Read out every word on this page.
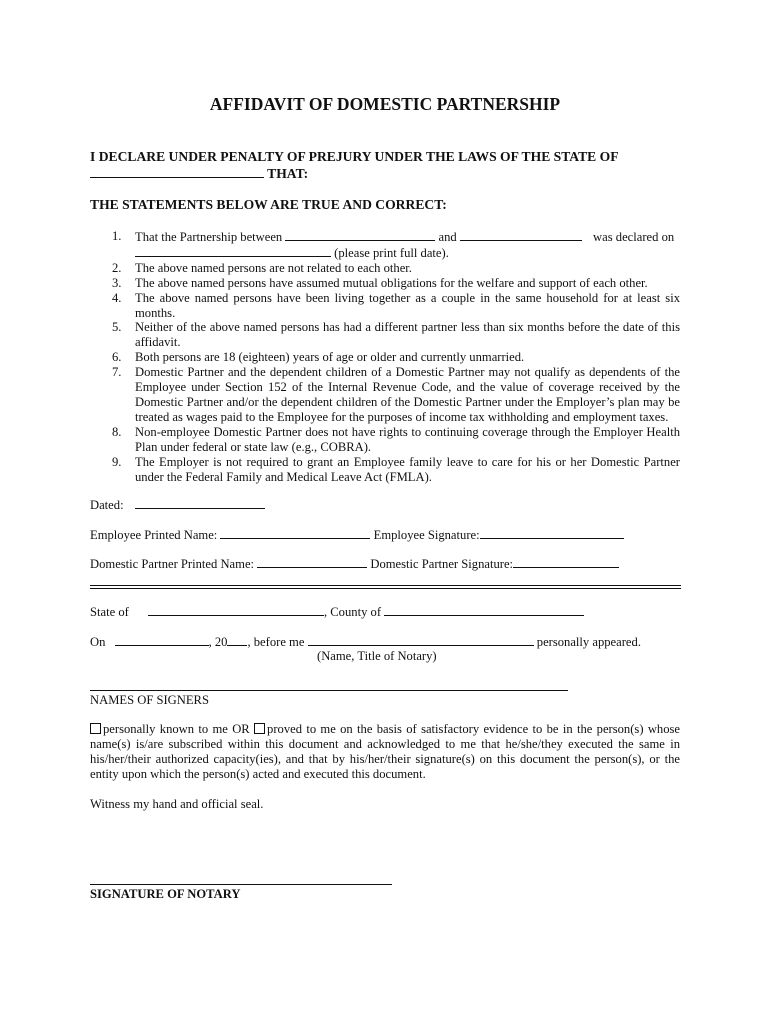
AFFIDAVIT OF DOMESTIC PARTNERSHIP
I DECLARE UNDER PENALTY OF PREJURY UNDER THE LAWS OF THE STATE OF
THAT:
THE STATEMENTS BELOW ARE TRUE AND CORRECT:
1.	That the Partnership between	and	was declared on
(please print full date).
2.	The above named persons are not related to each other.
3.	The above named persons have assumed mutual obligations for the welfare and support of each other.
4.	The above named persons have been living together as a couple in the same household for at least six months.
5.	Neither of the above named persons has had a different partner less than six months before the date of this affidavit.
6.	Both persons are 18 (eighteen) years of age or older and currently unmarried.
7.	Domestic Partner and the dependent children of a Domestic Partner may not qualify as dependents of the Employee under Section 152 of the Internal Revenue Code, and the value of coverage received by the Domestic Partner and/or the dependent children of the Domestic Partner under the Employer’s plan may be treated as wages paid to the Employee for the purposes of income tax withholding and employment taxes.
8.	Non-employee Domestic Partner does not have rights to continuing coverage through the Employer Health Plan under federal or state law (e.g., COBRA).
9.	The Employer is not required to grant an Employee family leave to care for his or her Domestic Partner under the Federal Family and Medical Leave Act (FMLA).
Dated:
Employee Printed Name:	Employee Signature:
Domestic Partner Printed Name:	Domestic Partner Signature:
State of	, County of
On	, 20 , before me	personally appeared.
(Name, Title of Notary)
NAMES OF SIGNERS
personally known to me OR proved to me on the basis of satisfactory evidence to be in the person(s) whose name(s) is/are subscribed within this document and acknowledged to me that he/she/they executed the same in his/her/their authorized capacity(ies), and that by his/her/their signature(s) on this document the person(s), or the entity upon which the person(s) acted and executed this document.
Witness my hand and official seal.
SIGNATURE OF NOTARY
